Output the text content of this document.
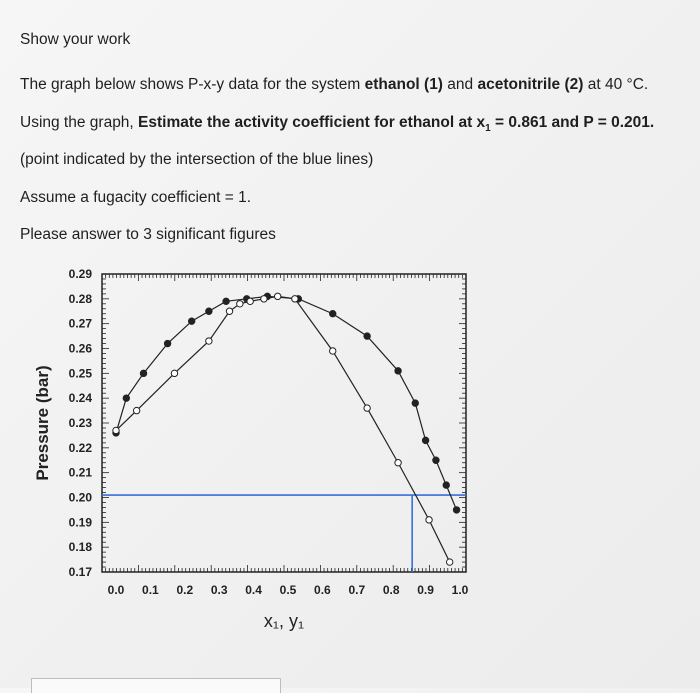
Show your work
The graph below shows P-x-y data for the system ethanol (1) and acetonitrile (2) at 40 °C.
Using the graph, Estimate the activity coefficient for ethanol at $x_1 = 0.861$ and P = 0.201.
(point indicated by the intersection of the blue lines)
Assume a fugacity coefficient = 1.
Please answer to 3 significant figures
0.29
0.28
0.27
0.26
0.25
0.24
0.23
0.22
0.21
0.20
0.19
0.18
0.17
0.0 0.1 0.2 0.3 0.4 0.5 0.6 0.7 0.8 0.9 1.0
Pressure (bar)
x₁, y₁
